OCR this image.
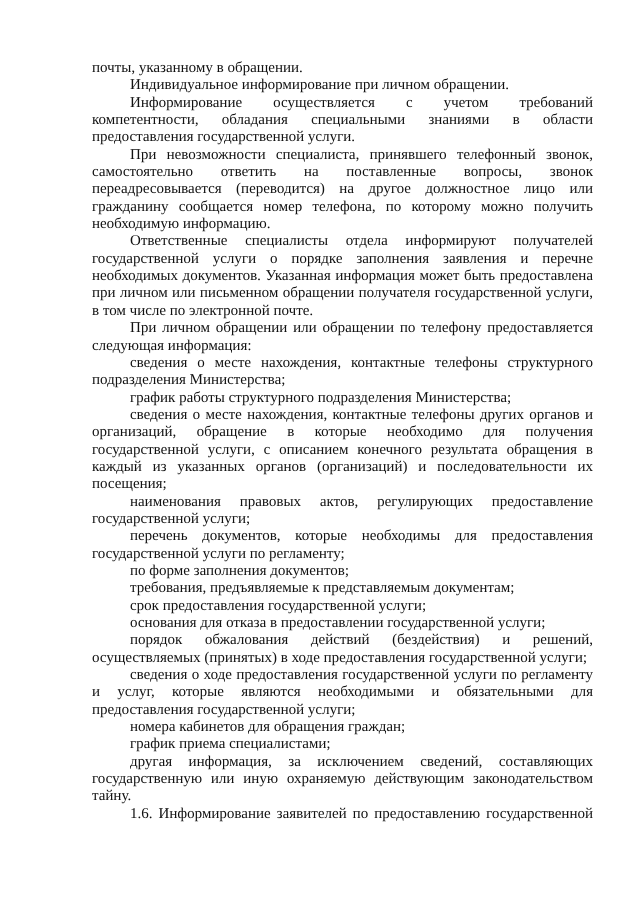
почты, указанному в обращении.
Индивидуальное информирование при личном обращении.
Информирование осуществляется с учетом требований
компетентности, обладания специальными знаниями в области
предоставления государственной услуги.
При невозможности специалиста, принявшего телефонный звонок,
самостоятельно ответить на поставленные вопросы, звонок
переадресовывается (переводится) на другое должностное лицо или
гражданину сообщается номер телефона, по которому можно получить
необходимую информацию.
Ответственные специалисты отдела информируют получателей
государственной услуги о порядке заполнения заявления и перечне
необходимых документов. Указанная информация может быть предоставлена
при личном или письменном обращении получателя государственной услуги,
в том числе по электронной почте.
При личном обращении или обращении по телефону предоставляется
следующая информация:
сведения о месте нахождения, контактные телефоны структурного
подразделения Министерства;
график работы структурного подразделения Министерства;
сведения о месте нахождения, контактные телефоны других органов и
организаций, обращение в которые необходимо для получения
государственной услуги, с описанием конечного результата обращения в
каждый из указанных органов (организаций) и последовательности их
посещения;
наименования правовых актов, регулирующих предоставление
государственной услуги;
перечень документов, которые необходимы для предоставления
государственной услуги по регламенту;
по форме заполнения документов;
требования, предъявляемые к представляемым документам;
срок предоставления государственной услуги;
основания для отказа в предоставлении государственной услуги;
порядок обжалования действий (бездействия) и решений,
осуществляемых (принятых) в ходе предоставления государственной услуги;
сведения о ходе предоставления государственной услуги по регламенту
и услуг, которые являются необходимыми и обязательными для
предоставления государственной услуги;
номера кабинетов для обращения граждан;
график приема специалистами;
другая информация, за исключением сведений, составляющих
государственную или иную охраняемую действующим законодательством
тайну.
1.6. Информирование заявителей по предоставлению государственной
